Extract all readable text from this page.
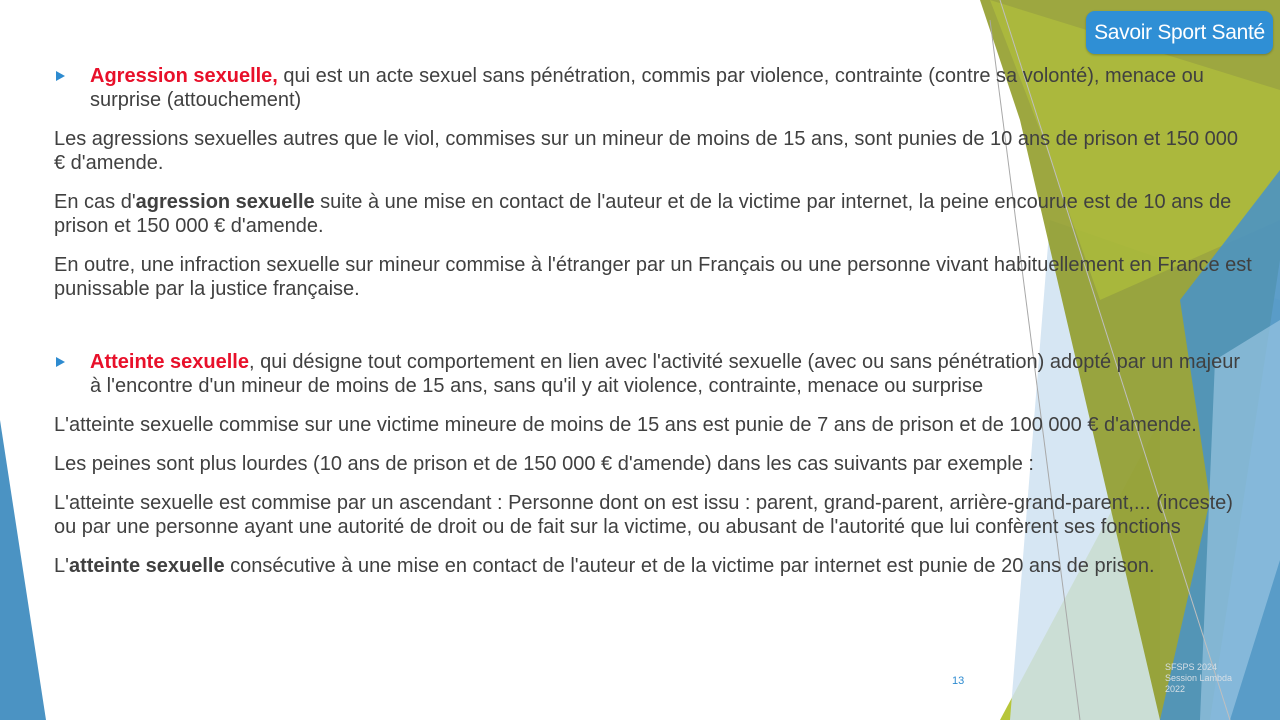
Savoir Sport Santé
Agression sexuelle, qui est un acte sexuel sans pénétration, commis par violence, contrainte (contre sa volonté), menace ou surprise (attouchement)
Les agressions sexuelles autres que le viol, commises sur un mineur de moins de 15 ans, sont punies de 10 ans de prison et 150 000 € d'amende.
En cas d'agression sexuelle suite à une mise en contact de l'auteur et de la victime par internet, la peine encourue est de 10 ans de prison et 150 000 € d'amende.
En outre, une infraction sexuelle sur mineur commise à l'étranger par un Français ou une personne vivant habituellement en France est punissable par la justice française.
Atteinte sexuelle, qui désigne tout comportement en lien avec l'activité sexuelle (avec ou sans pénétration) adopté par un majeur à l'encontre d'un mineur de moins de 15 ans, sans qu'il y ait violence, contrainte, menace ou surprise
L'atteinte sexuelle commise sur une victime mineure de moins de 15 ans est punie de 7 ans de prison et de 100 000 € d'amende.
Les peines sont plus lourdes (10 ans de prison et de 150 000 € d'amende) dans les cas suivants par exemple :
L'atteinte sexuelle est commise par un ascendant : Personne dont on est issu : parent, grand-parent, arrière-grand-parent,... (inceste) ou par une personne ayant une autorité de droit ou de fait sur la victime, ou abusant de l'autorité que lui confèrent ses fonctions
L'atteinte sexuelle consécutive à une mise en contact de l'auteur et de la victime par internet est punie de 20 ans de prison.
13
SFSPS 2024
Session Lambda
2022
